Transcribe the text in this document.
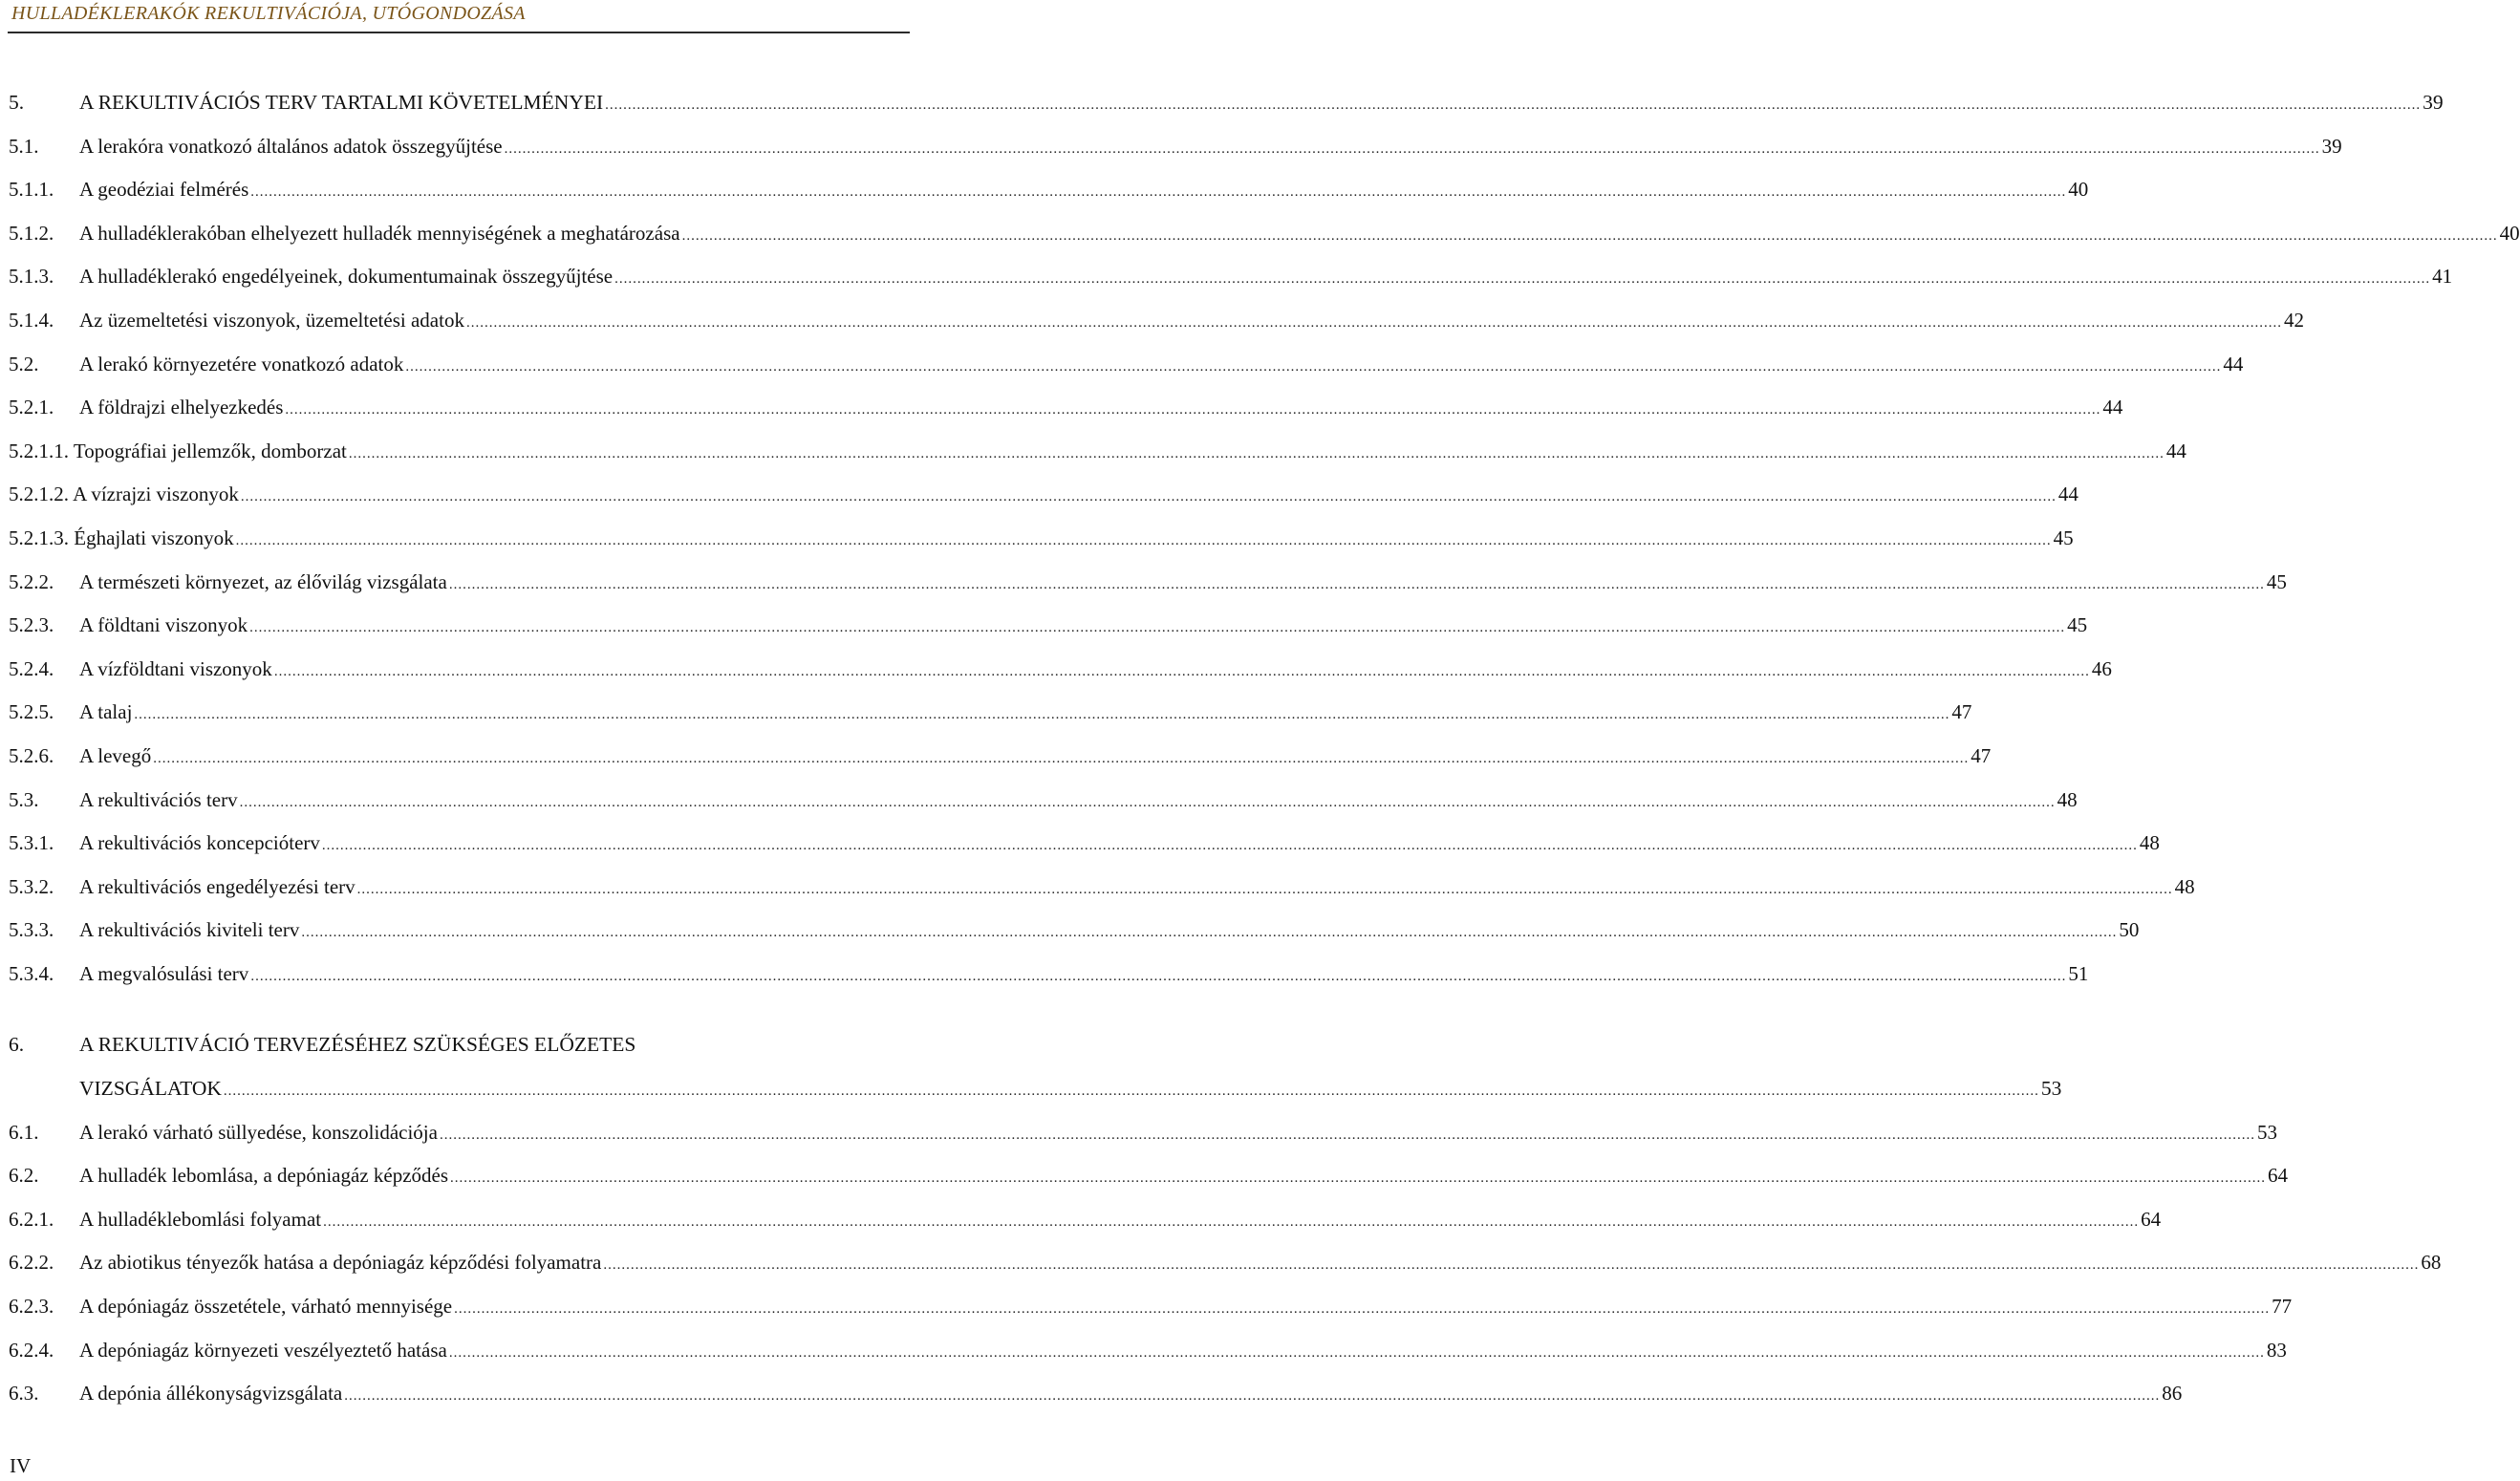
HULLADÉKLERAKÓK REKULTIVÁCIÓJA, UTÓGONDOZÁSA
5.	A REKULTIVÁCIÓS TERV TARTALMI KÖVETELMÉNYEI ................................................................................................................................................................................................................................................................................................................................................................................................................ 39
5.1. A lerakóra vonatkozó általános adatok összegyűjtése ................................................................................................................................................................................................................................................................................................................................................................................................................ 39
5.1.1. A geodéziai felmérés ................................................................................................................................................................................................................................................................................................................................................................................................................ 40
5.1.2. A hulladéklerakóban elhelyezett hulladék mennyiségének a meghatározása ................................................................................................................................................................................................................................................................................................................................................................................................................ 40
5.1.3. A hulladéklerakó engedélyeinek, dokumentumainak összegyűjtése ................................................................................................................................................................................................................................................................................................................................................................................................................ 41
5.1.4. Az üzemeltetési viszonyok, üzemeltetési adatok ................................................................................................................................................................................................................................................................................................................................................................................................................ 42
5.2. A lerakó környezetére vonatkozó adatok ................................................................................................................................................................................................................................................................................................................................................................................................................ 44
5.2.1. A földrajzi elhelyezkedés ................................................................................................................................................................................................................................................................................................................................................................................................................ 44
5.2.1.1. Topográfiai jellemzők, domborzat ................................................................................................................................................................................................................................................................................................................................................................................................................ 44
5.2.1.2. A vízrajzi viszonyok ................................................................................................................................................................................................................................................................................................................................................................................................................ 44
5.2.1.3. Éghajlati viszonyok ................................................................................................................................................................................................................................................................................................................................................................................................................ 45
5.2.2. A természeti környezet, az élővilág vizsgálata ................................................................................................................................................................................................................................................................................................................................................................................................................ 45
5.2.3. A földtani viszonyok ................................................................................................................................................................................................................................................................................................................................................................................................................ 45
5.2.4. A vízföldtani viszonyok ................................................................................................................................................................................................................................................................................................................................................................................................................ 46
5.2.5. A talaj ................................................................................................................................................................................................................................................................................................................................................................................................................ 47
5.2.6. A levegő ................................................................................................................................................................................................................................................................................................................................................................................................................ 47
5.3. A rekultivációs terv ................................................................................................................................................................................................................................................................................................................................................................................................................ 48
5.3.1. A rekultivációs koncepcióterv ................................................................................................................................................................................................................................................................................................................................................................................................................ 48
5.3.2. A rekultivációs engedélyezési terv ................................................................................................................................................................................................................................................................................................................................................................................................................ 48
5.3.3. A rekultivációs kiviteli terv ................................................................................................................................................................................................................................................................................................................................................................................................................ 50
5.3.4. A megvalósulási terv ................................................................................................................................................................................................................................................................................................................................................................................................................ 51
6.	A REKULTIVÁCIÓ TERVEZÉSÉHEZ SZÜKSÉGES ELŐZETES
VIZSGÁLATOK ................................................................................................................................................................................................................................................................................................................................................................................................................ 53
6.1. A lerakó várható süllyedése, konszolidációja ................................................................................................................................................................................................................................................................................................................................................................................................................ 53
6.2. A hulladék lebomlása, a depóniagáz képződés ................................................................................................................................................................................................................................................................................................................................................................................................................ 64
6.2.1. A hulladéklebomlási folyamat ................................................................................................................................................................................................................................................................................................................................................................................................................ 64
6.2.2. Az abiotikus tényezők hatása a depóniagáz képződési folyamatra ................................................................................................................................................................................................................................................................................................................................................................................................................ 68
6.2.3. A depóniagáz összetétele, várható mennyisége ................................................................................................................................................................................................................................................................................................................................................................................................................ 77
6.2.4. A depóniagáz környezeti veszélyeztető hatása ................................................................................................................................................................................................................................................................................................................................................................................................................ 83
6.3. A depónia állékonyságvizsgálata ................................................................................................................................................................................................................................................................................................................................................................................................................ 86
IV
